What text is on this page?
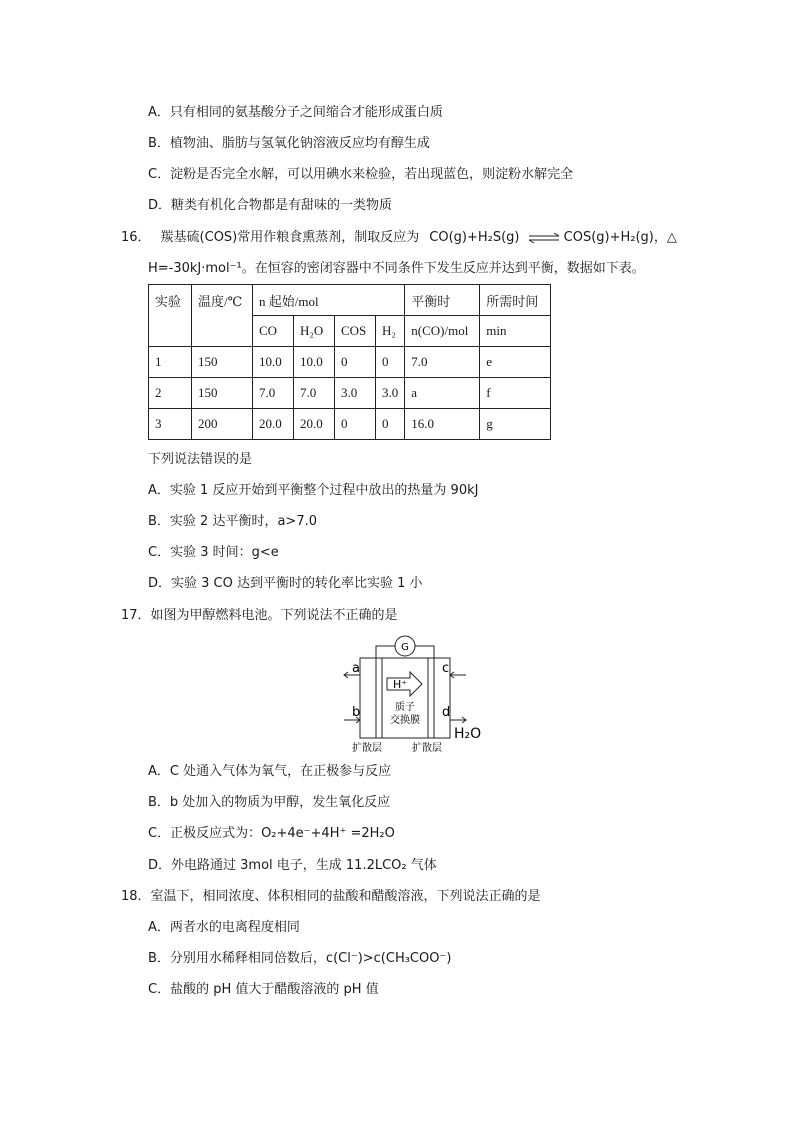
A．只有相同的氨基酸分子之间缩合才能形成蛋白质
B．植物油、脂肪与氢氧化钠溶液反应均有醇生成
C．淀粉是否完全水解，可以用碘水来检验，若出现蓝色，则淀粉水解完全
D．糖类有机化合物都是有甜味的一类物质
16． 羰基硫(COS)常用作粮食熏蒸剂，制取反应为 CO(g)+H₂S(g) ⇌ COS(g)+H₂(g)，△
H=-30kJ·mol⁻¹。在恒容的密闭容器中不同条件下发生反应并达到平衡，数据如下表。
实验	温度/℃	n 起始/mol				平衡时	所需时间
		CO	H₂O	COS	H₂	n(CO)/mol	min
1	150	10.0	10.0	0	0	7.0	e
2	150	7.0	7.0	3.0	3.0	a	f
3	200	20.0	20.0	0	0	16.0	g
下列说法错误的是
A．实验 1 反应开始到平衡整个过程中放出的热量为 90kJ
B．实验 2 达平衡时，a>7.0
C．实验 3 时间：g<e
D．实验 3 CO 达到平衡时的转化率比实验 1 小
17．如图为甲醇燃料电池。下列说法不正确的是
G
H⁺
质子
交换膜
a
b
c
d
H₂O
扩散层	扩散层
A．C 处通入气体为氧气，在正极参与反应
B．b 处加入的物质为甲醇，发生氧化反应
C．正极反应式为：O₂+4e⁻+4H⁺ =2H₂O
D．外电路通过 3mol 电子，生成 11.2LCO₂ 气体
18．室温下，相同浓度、体积相同的盐酸和醋酸溶液，下列说法正确的是
A．两者水的电离程度相同
B．分别用水稀释相同倍数后，c(Cl⁻)>c(CH₃COO⁻)
C．盐酸的 pH 值大于醋酸溶液的 pH 值
